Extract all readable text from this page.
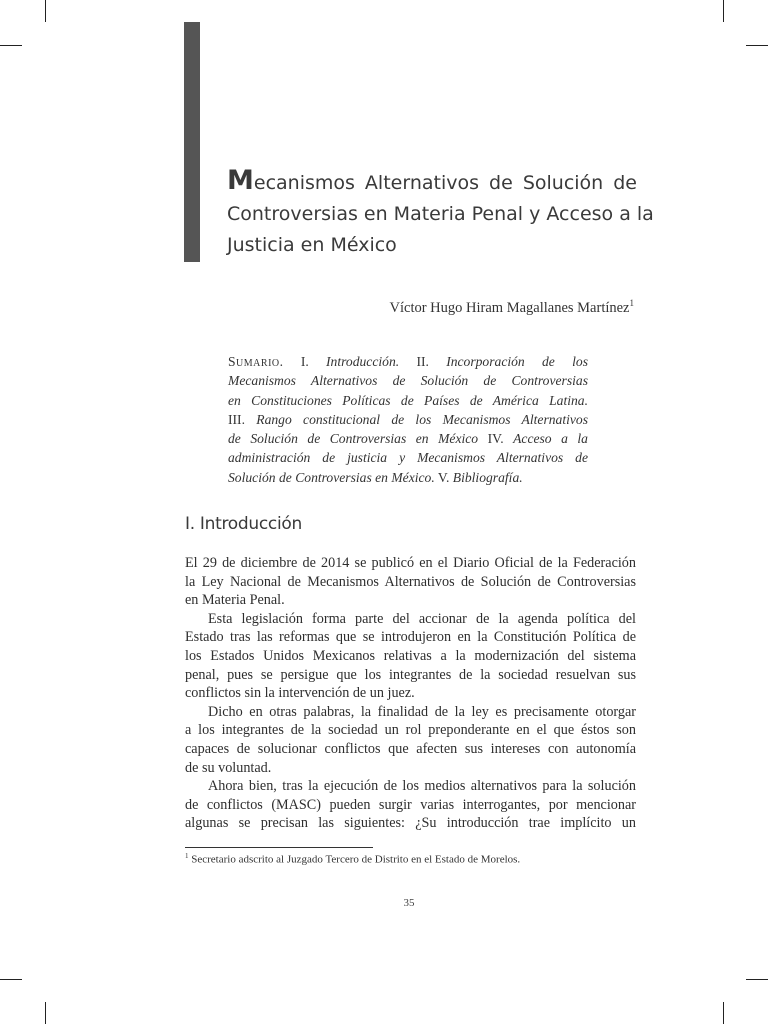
Mecanismos Alternativos de Solución de
Controversias en Materia Penal y Acceso a la
Justicia en México
Víctor Hugo Hiram Magallanes Martínez$^1$
Sumario. I. Introducción. II. Incorporación de los
Mecanismos Alternativos de Solución de Controversias
en Constituciones Políticas de Países de América Latina.
III. Rango constitucional de los Mecanismos Alternativos
de Solución de Controversias en México IV. Acceso a la
administración de justicia y Mecanismos Alternativos de
Solución de Controversias en México. V. Bibliografía.
I. Introducción
El 29 de diciembre de 2014 se publicó en el Diario Oficial de la Federación
la Ley Nacional de Mecanismos Alternativos de Solución de Controversias
en Materia Penal.
Esta legislación forma parte del accionar de la agenda política del
Estado tras las reformas que se introdujeron en la Constitución Política de
los Estados Unidos Mexicanos relativas a la modernización del sistema
penal, pues se persigue que los integrantes de la sociedad resuelvan sus
conflictos sin la intervención de un juez.
Dicho en otras palabras, la finalidad de la ley es precisamente otorgar
a los integrantes de la sociedad un rol preponderante en el que éstos son
capaces de solucionar conflictos que afecten sus intereses con autonomía
de su voluntad.
Ahora bien, tras la ejecución de los medios alternativos para la solución
de conflictos (MASC) pueden surgir varias interrogantes, por mencionar
algunas se precisan las siguientes: ¿Su introducción trae implícito un
$^1$ Secretario adscrito al Juzgado Tercero de Distrito en el Estado de Morelos.
35
